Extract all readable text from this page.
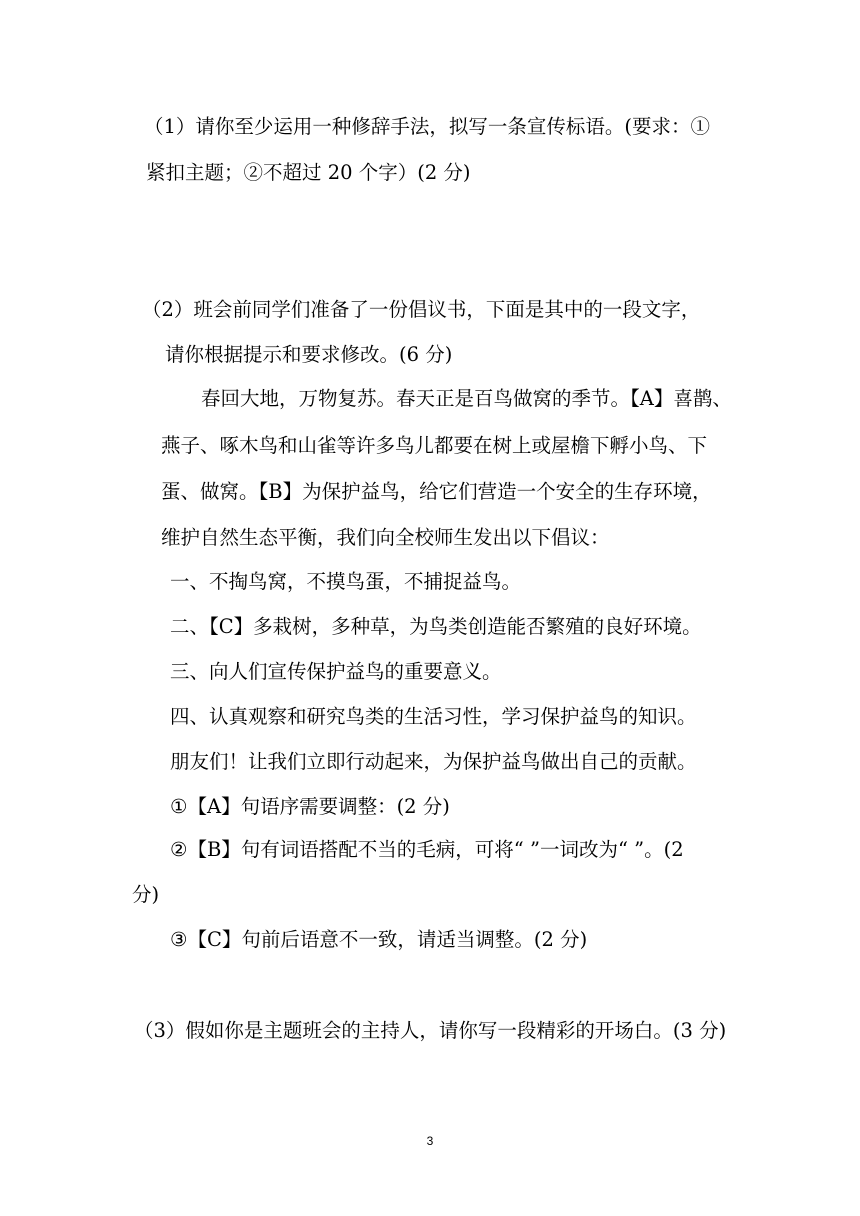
（1）请你至少运用一种修辞手法，拟写一条宣传标语。(要求：①
紧扣主题；②不超过 20 个字）(2 分)
（2）班会前同学们准备了一份倡议书，下面是其中的一段文字，
请你根据提示和要求修改。(6 分)
春回大地，万物复苏。春天正是百鸟做窝的季节。【A】喜鹊、
燕子、啄木鸟和山雀等许多鸟儿都要在树上或屋檐下孵小鸟、下
蛋、做窝。【B】为保护益鸟，给它们营造一个安全的生存环境，
维护自然生态平衡，我们向全校师生发出以下倡议：
一、不掏鸟窝，不摸鸟蛋，不捕捉益鸟。
二、【C】多栽树，多种草，为鸟类创造能否繁殖的良好环境。
三、向人们宣传保护益鸟的重要意义。
四、认真观察和研究鸟类的生活习性，学习保护益鸟的知识。
朋友们！让我们立即行动起来，为保护益鸟做出自己的贡献。
①【A】句语序需要调整：(2 分)
②【B】句有词语搭配不当的毛病，可将“ ”一词改为“ ”。(2
分)
③【C】句前后语意不一致，请适当调整。(2 分)
（3）假如你是主题班会的主持人，请你写一段精彩的开场白。(3 分)
3
